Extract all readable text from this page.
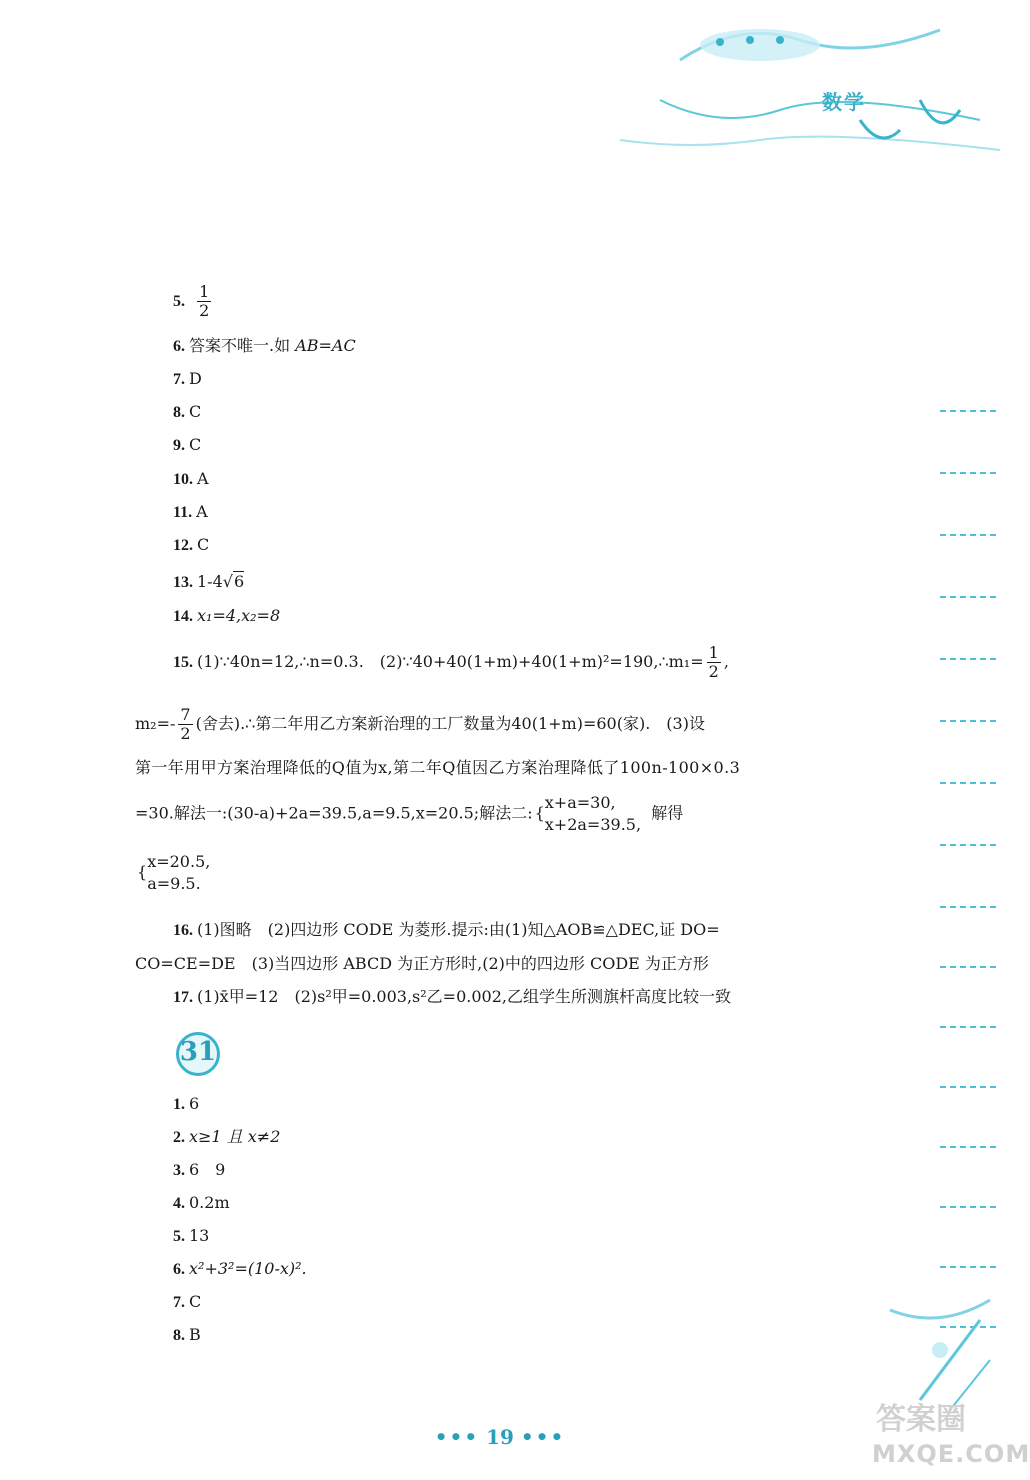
数学
5. $\frac{1}{2}$
6. 答案不唯一.如 AB=AC
7. D
8. C
9. C
10. A
11. A
12. C
13. 1-4√6
14. x₁=4,x₂=8
15. (1)∵40n=12,∴n=0.3.　(2)∵40+40(1+m)+40(1+m)²=190,∴m₁= $\frac{1}{2}$ ,
$m_2=- \frac{7}{2}$ (舍去).∴第二年用乙方案新治理的工厂数量为40(1+m)=60(家).　(3)设
第一年用甲方案治理降低的Q值为x,第二年Q值因乙方案治理降低了100n-100×0.3
=30.解法一:(30-a)+2a=39.5,a=9.5,x=20.5;解法二: {
x+a=30,
x+2a=39.5,
解得
{
x=20.5,
a=9.5.
16. (1)图略　(2)四边形 CODE 为菱形.提示:由(1)知△AOB≌△DEC,证 DO=
CO=CE=DE　(3)当四边形 ABCD 为正方形时,(2)中的四边形 CODE 为正方形
17. (1)x̄甲=12　(2)s²甲=0.003,s²乙=0.002,乙组学生所测旗杆高度比较一致
31
1. 6
2. x≥1 且 x≠2
3. 6　9
4. 0.2m
5. 13
6. x²+3²=(10-x)².
7. C
8. B
••• 19 •••	答案圈
MXQE.COM
